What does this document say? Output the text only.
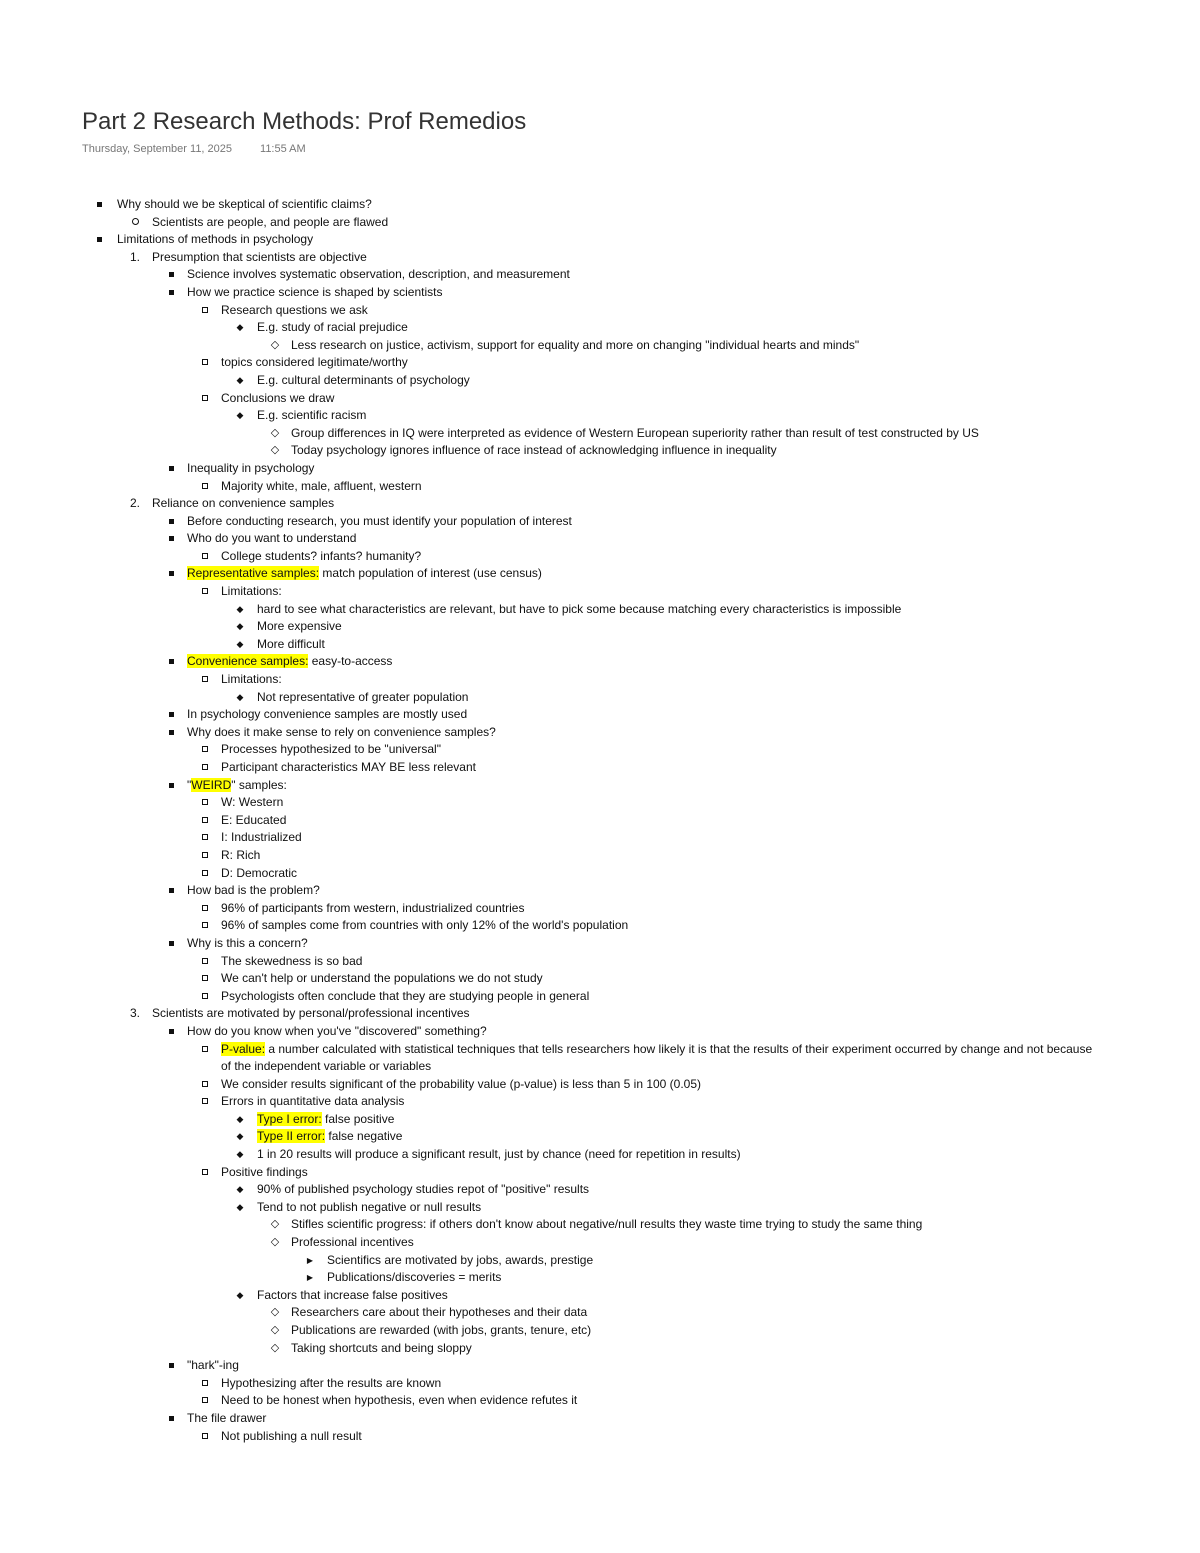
Part 2 Research Methods: Prof Remedios
Thursday, September 11, 2025	11:55 AM
Why should we be skeptical of scientific claims?
Scientists are people, and people are flawed
Limitations of methods in psychology
1.	Presumption that scientists are objective
Science involves systematic observation, description, and measurement
How we practice science is shaped by scientists
Research questions we ask
◆	E.g. study of racial prejudice
◇ Less research on justice, activism, support for equality and more on changing "individual hearts and minds"
topics considered legitimate/worthy
◆	E.g. cultural determinants of psychology
Conclusions we draw
◆	E.g. scientific racism
◇ Group differences in IQ were interpreted as evidence of Western European superiority rather than result of test constructed by US
◇ Today psychology ignores influence of race instead of acknowledging influence in inequality
Inequality in psychology
Majority white, male, affluent, western
2.	Reliance on convenience samples
Before conducting research, you must identify your population of interest
Who do you want to understand
College students? infants? humanity?
Representative samples: match population of interest (use census)
Limitations:
◆	hard to see what characteristics are relevant, but have to pick some because matching every characteristics is impossible
◆	More expensive
◆	More difficult
Convenience samples: easy-to-access
Limitations:
◆	Not representative of greater population
In psychology convenience samples are mostly used
Why does it make sense to rely on convenience samples?
Processes hypothesized to be "universal"
Participant characteristics MAY BE less relevant
"WEIRD" samples:
W: Western
E: Educated
I: Industrialized
R: Rich
D: Democratic
How bad is the problem?
96% of participants from western, industrialized countries
96% of samples come from countries with only 12% of the world's population
Why is this a concern?
The skewedness is so bad
We can't help or understand the populations we do not study
Psychologists often conclude that they are studying people in general
3.	Scientists are motivated by personal/professional incentives
How do you know when you've "discovered" something?
P-value: a number calculated with statistical techniques that tells researchers how likely it is that the results of their experiment occurred by change and not because of the independent variable or variables
We consider results significant of the probability value (p-value) is less than 5 in 100 (0.05)
Errors in quantitative data analysis
◆	Type I error: false positive
◆	Type II error: false negative
◆	1 in 20 results will produce a significant result, just by chance (need for repetition in results)
Positive findings
◆	90% of published psychology studies repot of "positive" results
◆	Tend to not publish negative or null results
◇ Stifles scientific progress: if others don't know about negative/null results they waste time trying to study the same thing
◇ Professional incentives
▶	Scientifics are motivated by jobs, awards, prestige
▶	Publications/discoveries = merits
◆	Factors that increase false positives
◇ Researchers care about their hypotheses and their data
◇ Publications are rewarded (with jobs, grants, tenure, etc)
◇ Taking shortcuts and being sloppy
"hark"-ing
Hypothesizing after the results are known
Need to be honest when hypothesis, even when evidence refutes it
The file drawer
Not publishing a null result
